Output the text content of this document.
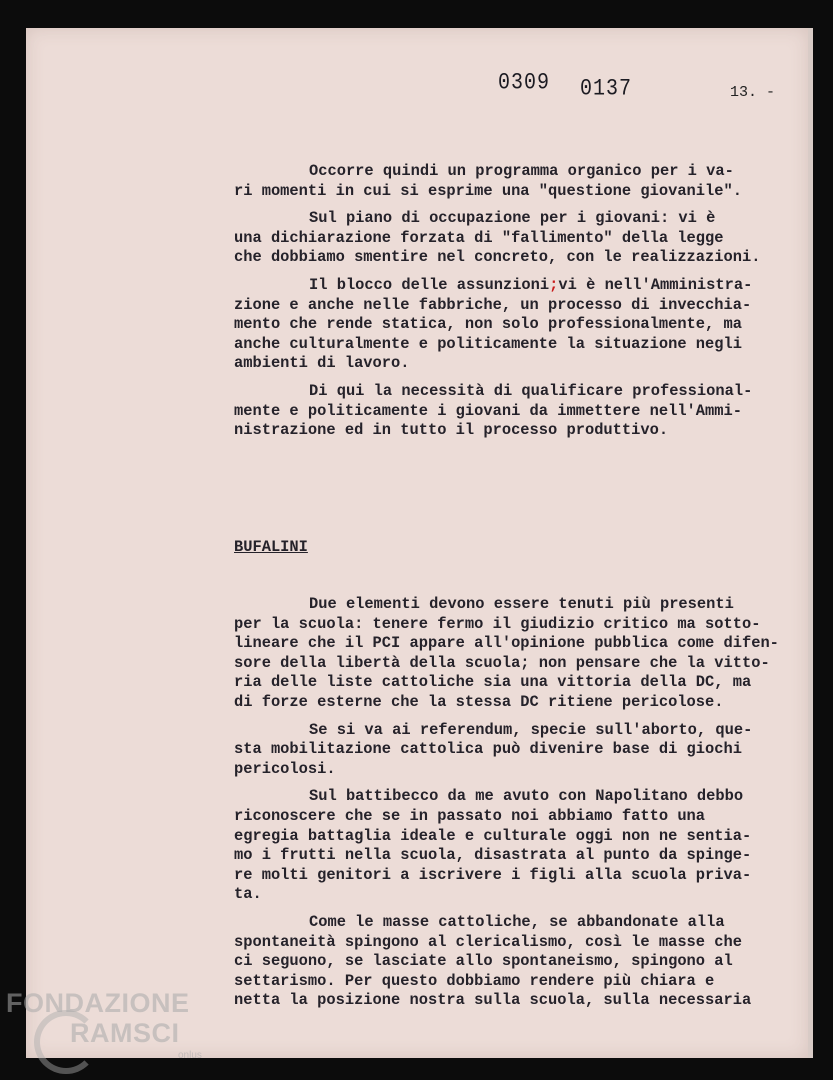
0309 0137	13. -

Occorre quindi un programma organico per i va-
ri momenti in cui si esprime una "questione giovanile".

Sul piano di occupazione per i giovani: vi è
una dichiarazione forzata di "fallimento" della legge
che dobbiamo smentire nel concreto, con le realizzazioni.

Il blocco delle assunzioni;vi è nell'Amministra-
zione e anche nelle fabbriche, un processo di invecchia-
mento che rende statica, non solo professionalmente, ma
anche culturalmente e politicamente la situazione negli
ambienti di lavoro.

Di qui la necessità di qualificare professional-
mente e politicamente i giovani da immettere nell'Ammi-
nistrazione ed in tutto il processo produttivo.

BUFALINI

Due elementi devono essere tenuti più presenti
per la scuola: tenere fermo il giudizio critico ma sotto-
lineare che il PCI appare all'opinione pubblica come difen-
sore della libertà della scuola; non pensare che la vitto-
ria delle liste cattoliche sia una vittoria della DC, ma
di forze esterne che la stessa DC ritiene pericolose.

Se si va ai referendum, specie sull'aborto, que-
sta mobilitazione cattolica può divenire base di giochi
pericolosi.

Sul battibecco da me avuto con Napolitano debbo
riconoscere che se in passato noi abbiamo fatto una
egregia battaglia ideale e culturale oggi non ne sentia-
mo i frutti nella scuola, disastrata al punto da spinge-
re molti genitori a iscrivere i figli alla scuola priva-
ta.

Come le masse cattoliche, se abbandonate alla
spontaneità spingono al clericalismo, così le masse che
ci seguono, se lasciate allo spontaneismo, spingono al
settarismo. Per questo dobbiamo rendere più chiara e
netta la posizione nostra sulla scuola, sulla necessaria

FONDAZIONE
RAMSCI
onlus
